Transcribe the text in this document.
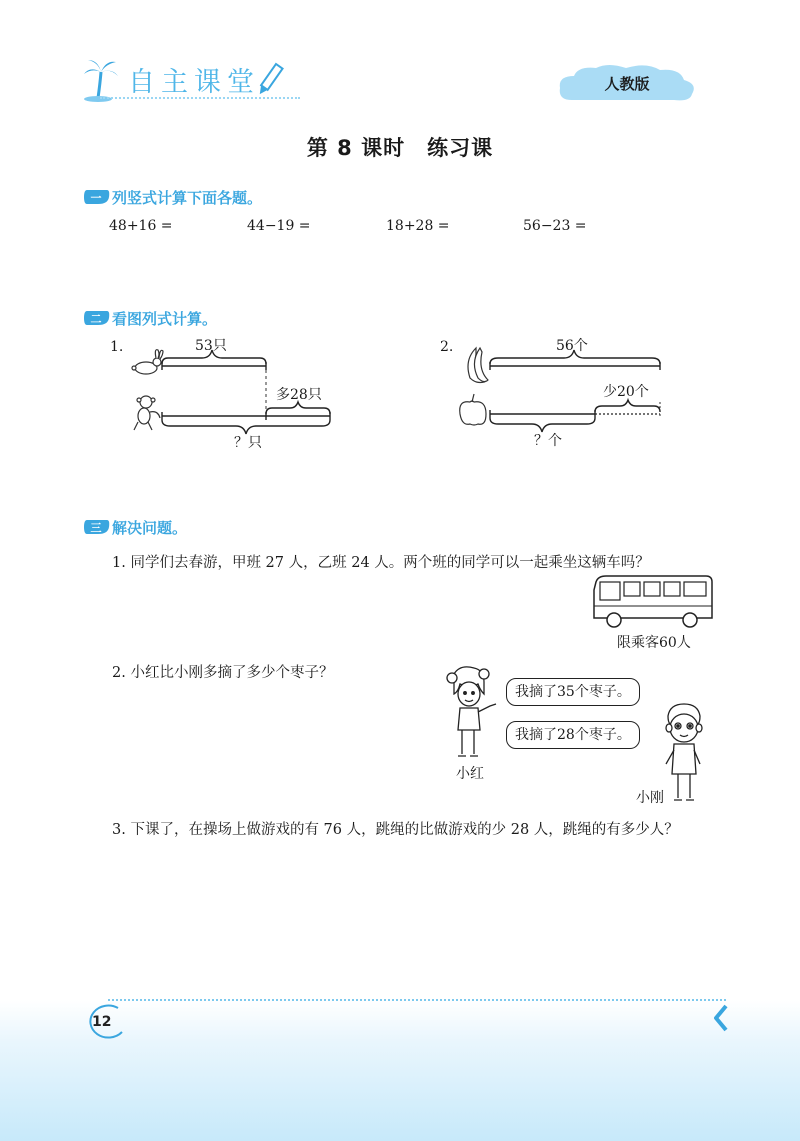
自主课堂	人教版
第 8 课时　练习课
一 列竖式计算下面各题。
48+16 =	44−19 =	18+28 =	56−23 =
二 看图列式计算。
1.	53只
多28只
？只
2.	56个
少20个
？个
三 解决问题。
1. 同学们去春游，甲班 27 人，乙班 24 人。两个班的同学可以一起乘坐这辆车吗？
限乘客60人
2. 小红比小刚多摘了多少个枣子？
小红
我摘了35个枣子。
我摘了28个枣子。
小刚
3. 下课了，在操场上做游戏的有 76 人，跳绳的比做游戏的少 28 人，跳绳的有多少人？
12
